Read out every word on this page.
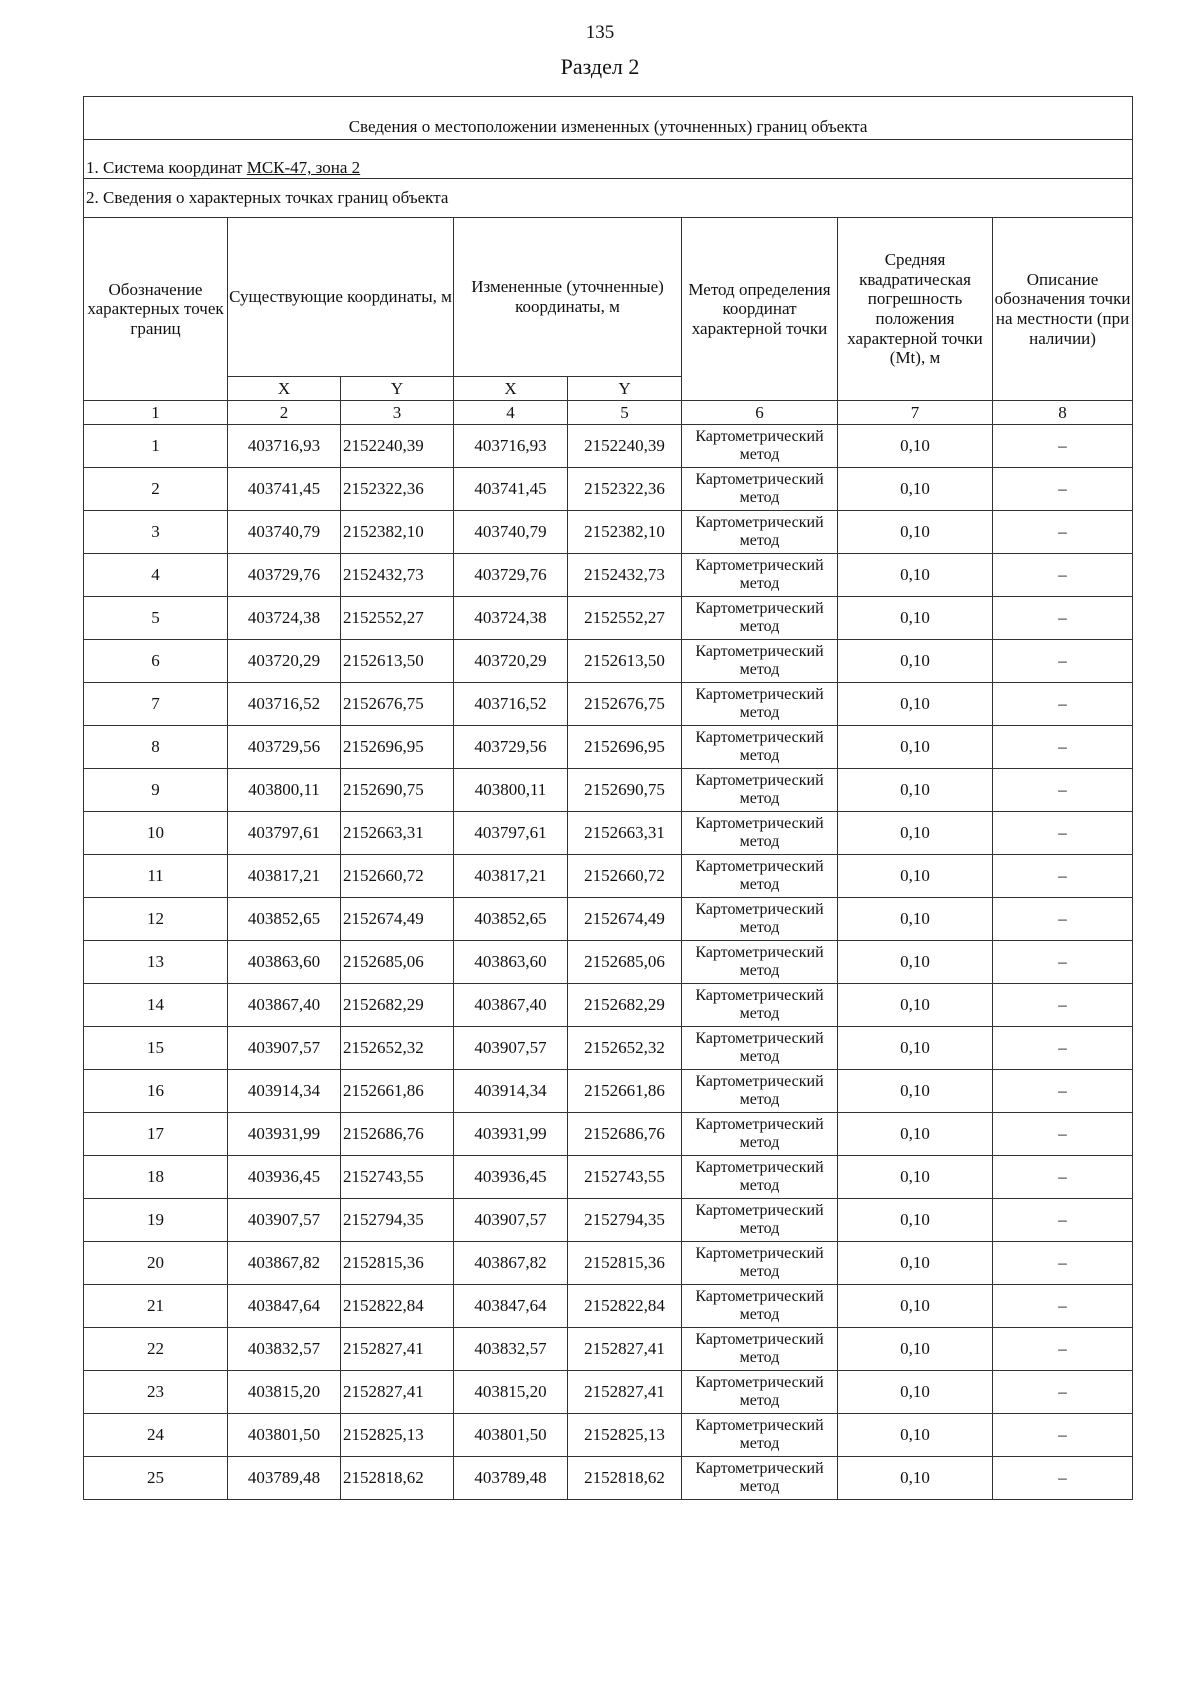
135
Раздел 2
Сведения о местоположении измененных (уточненных) границ объекта							
1. Система координат МСК-47, зона 2							
2. Сведения о характерных точках границ объекта							
Обозначение характерных точек границ	Существующие координаты, м		Измененные (уточненные) координаты, м		Метод определения координат характерной точки	Средняя квадратическая погрешность положения характерной точки (Mt), м	Описание обозначения точки на местности (при наличии)
	X	Y	X	Y			
1	2	3	4	5	6	7	8
1	403716,93	2152240,39	403716,93	2152240,39	Картометрический метод	0,10	–
2	403741,45	2152322,36	403741,45	2152322,36	Картометрический метод	0,10	–
3	403740,79	2152382,10	403740,79	2152382,10	Картометрический метод	0,10	–
4	403729,76	2152432,73	403729,76	2152432,73	Картометрический метод	0,10	–
5	403724,38	2152552,27	403724,38	2152552,27	Картометрический метод	0,10	–
6	403720,29	2152613,50	403720,29	2152613,50	Картометрический метод	0,10	–
7	403716,52	2152676,75	403716,52	2152676,75	Картометрический метод	0,10	–
8	403729,56	2152696,95	403729,56	2152696,95	Картометрический метод	0,10	–
9	403800,11	2152690,75	403800,11	2152690,75	Картометрический метод	0,10	–
10	403797,61	2152663,31	403797,61	2152663,31	Картометрический метод	0,10	–
11	403817,21	2152660,72	403817,21	2152660,72	Картометрический метод	0,10	–
12	403852,65	2152674,49	403852,65	2152674,49	Картометрический метод	0,10	–
13	403863,60	2152685,06	403863,60	2152685,06	Картометрический метод	0,10	–
14	403867,40	2152682,29	403867,40	2152682,29	Картометрический метод	0,10	–
15	403907,57	2152652,32	403907,57	2152652,32	Картометрический метод	0,10	–
16	403914,34	2152661,86	403914,34	2152661,86	Картометрический метод	0,10	–
17	403931,99	2152686,76	403931,99	2152686,76	Картометрический метод	0,10	–
18	403936,45	2152743,55	403936,45	2152743,55	Картометрический метод	0,10	–
19	403907,57	2152794,35	403907,57	2152794,35	Картометрический метод	0,10	–
20	403867,82	2152815,36	403867,82	2152815,36	Картометрический метод	0,10	–
21	403847,64	2152822,84	403847,64	2152822,84	Картометрический метод	0,10	–
22	403832,57	2152827,41	403832,57	2152827,41	Картометрический метод	0,10	–
23	403815,20	2152827,41	403815,20	2152827,41	Картометрический метод	0,10	–
24	403801,50	2152825,13	403801,50	2152825,13	Картометрический метод	0,10	–
25	403789,48	2152818,62	403789,48	2152818,62	Картометрический метод	0,10	–
